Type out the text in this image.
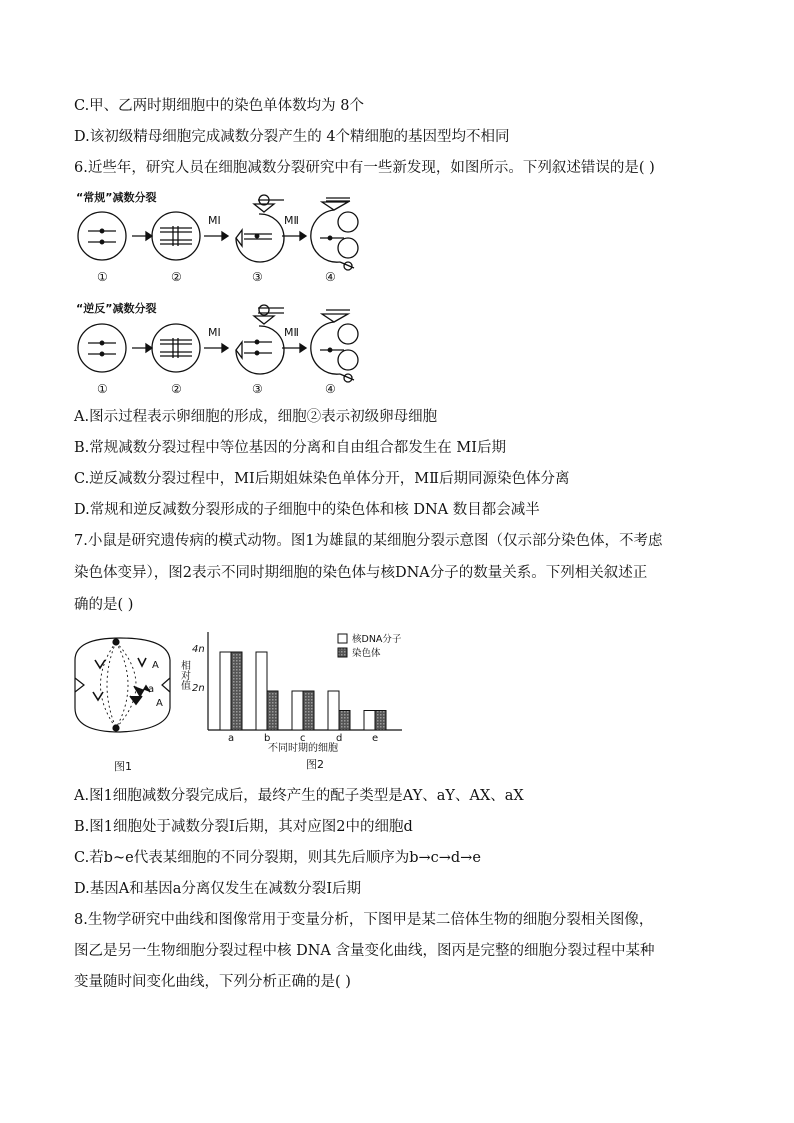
C.甲、乙两时期细胞中的染色单体数均为 8个
D.该初级精母细胞完成减数分裂产生的 4个精细胞的基因型均不相同
6.近些年，研究人员在细胞减数分裂研究中有一些新发现，如图所示。下列叙述错误的是( )
“常规”减数分裂
MⅠ	MⅡ
①	②	③	④
“逆反”减数分裂
MⅠ	MⅡ
①	②	③	④
A.图示过程表示卵细胞的形成，细胞②表示初级卵母细胞
B.常规减数分裂过程中等位基因的分离和自由组合都发生在 MⅠ后期
C.逆反减数分裂过程中，MⅠ后期姐妹染色单体分开，MⅡ后期同源染色体分离
D.常规和逆反减数分裂形成的子细胞中的染色体和核 DNA 数目都会减半
7.小鼠是研究遗传病的模式动物。图1为雄鼠的某细胞分裂示意图（仅示部分染色体，不考虑
染色体变异），图2表示不同时期细胞的染色体与核DNA分子的数量关系。下列相关叙述正
确的是( )
A
a
A
图1
4n
2n
相对值
a	b	c	d	e
不同时期的细胞
核DNA分子
染色体
图2
A.图1细胞减数分裂完成后，最终产生的配子类型是AY、aY、AX、aX
B.图1细胞处于减数分裂Ⅰ后期，其对应图2中的细胞d
C.若b~e代表某细胞的不同分裂期，则其先后顺序为b→c→d→e
D.基因A和基因a分离仅发生在减数分裂Ⅰ后期
8.生物学研究中曲线和图像常用于变量分析，下图甲是某二倍体生物的细胞分裂相关图像，
图乙是另一生物细胞分裂过程中核 DNA 含量变化曲线，图丙是完整的细胞分裂过程中某种
变量随时间变化曲线，下列分析正确的是( )
